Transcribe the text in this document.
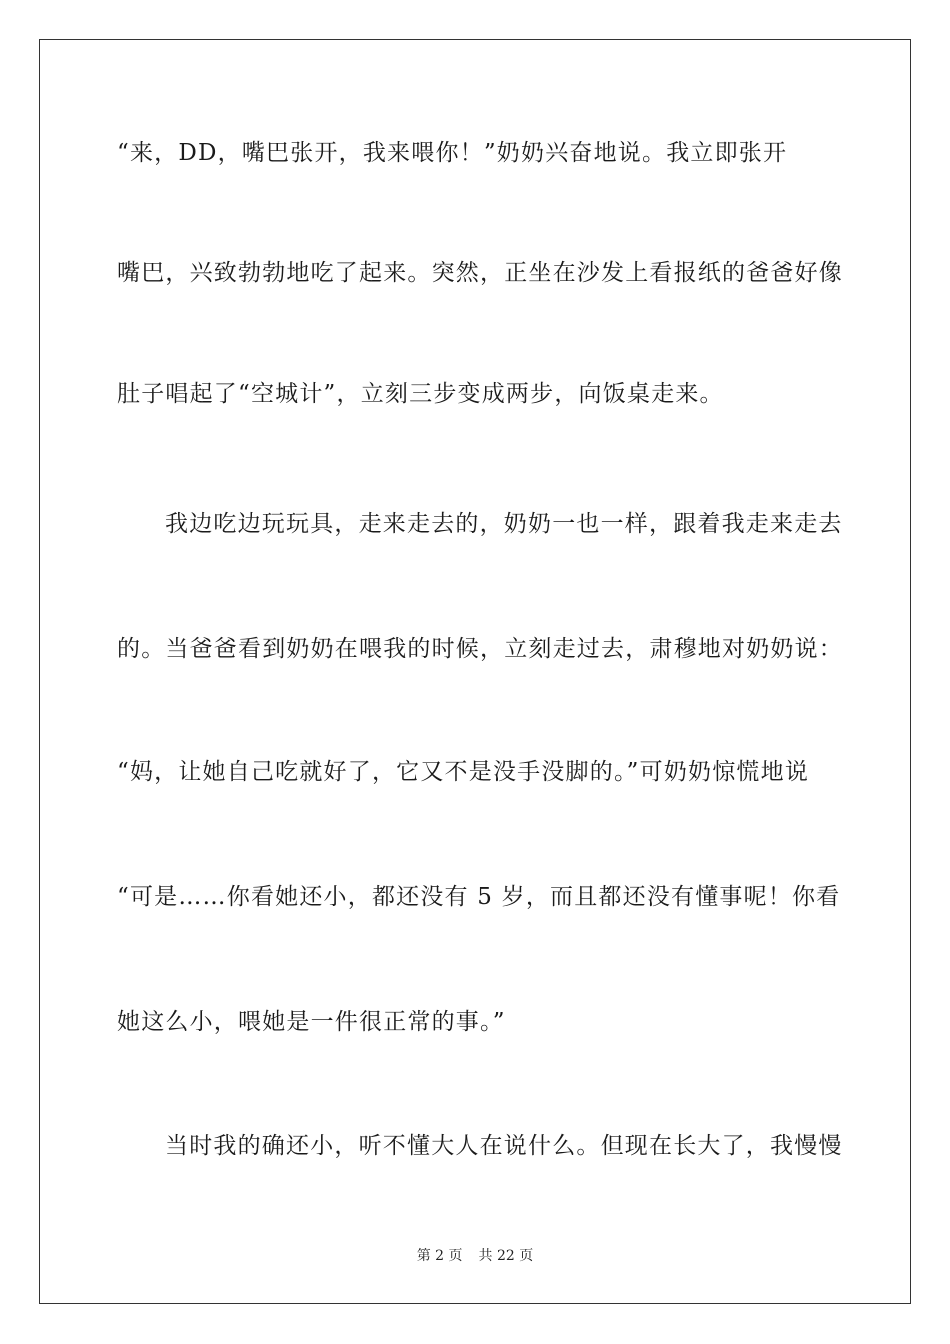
“来，DD，嘴巴张开，我来喂你！”奶奶兴奋地说。我立即张开
嘴巴，兴致勃勃地吃了起来。突然，正坐在沙发上看报纸的爸爸好像
肚子唱起了“空城计”，立刻三步变成两步，向饭桌走来。
我边吃边玩玩具，走来走去的，奶奶一也一样，跟着我走来走去
的。当爸爸看到奶奶在喂我的时候，立刻走过去，肃穆地对奶奶说：
“妈，让她自己吃就好了，它又不是没手没脚的。”可奶奶惊慌地说
“可是……你看她还小，都还没有 5 岁，而且都还没有懂事呢！你看
她这么小，喂她是一件很正常的事。”
当时我的确还小，听不懂大人在说什么。但现在长大了，我慢慢
第 2 页 共 22 页
